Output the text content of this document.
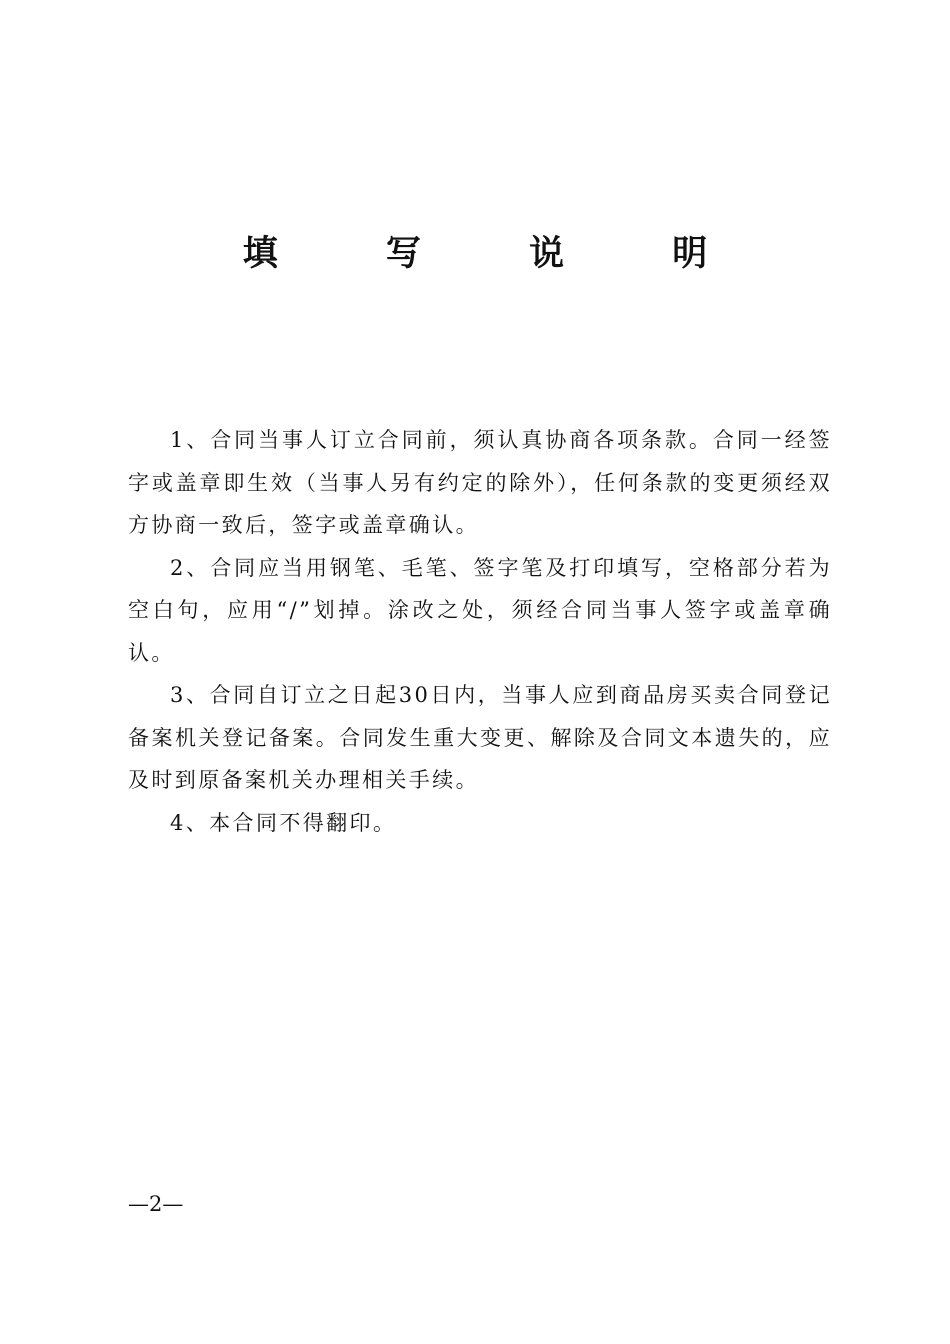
填 写 说 明

1、合同当事人订立合同前，须认真协商各项条款。合同一经签字或盖章即生效（当事人另有约定的除外），任何条款的变更须经双方协商一致后，签字或盖章确认。

2、合同应当用钢笔、毛笔、签字笔及打印填写，空格部分若为空白句，应用“/”划掉。涂改之处，须经合同当事人签字或盖章确认。

3、合同自订立之日起30日内，当事人应到商品房买卖合同登记备案机关登记备案。合同发生重大变更、解除及合同文本遗失的，应及时到原备案机关办理相关手续。

4、本合同不得翻印。

—2—
